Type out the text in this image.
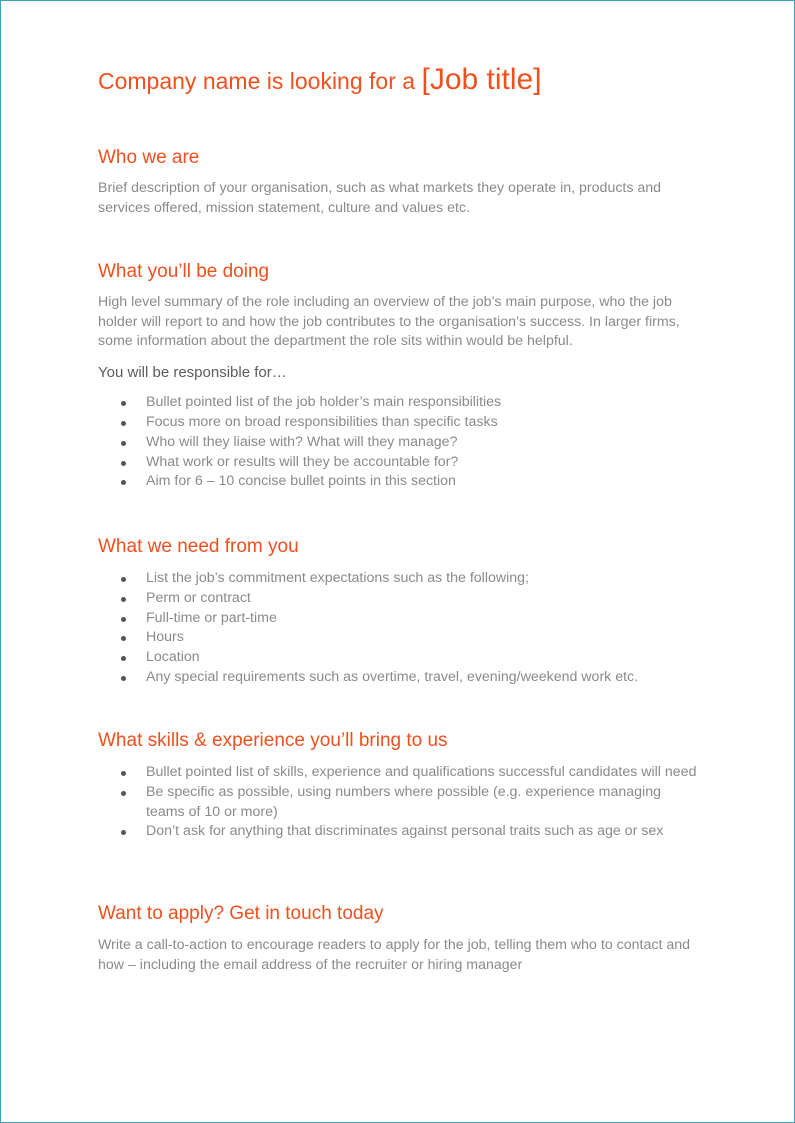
Company name is looking for a [Job title]
Who we are

Brief description of your organisation, such as what markets they operate in, products and services offered, mission statement, culture and values etc.

What you’ll be doing

High level summary of the role including an overview of the job’s main purpose, who the job holder will report to and how the job contributes to the organisation’s success. In larger firms, some information about the department the role sits within would be helpful.

You will be responsible for…

Bullet pointed list of the job holder’s main responsibilities
Focus more on broad responsibilities than specific tasks
Who will they liaise with? What will they manage?
What work or results will they be accountable for?
Aim for 6 – 10 concise bullet points in this section
What we need from you
List the job’s commitment expectations such as the following;
Perm or contract
Full-time or part-time
Hours
Location
Any special requirements such as overtime, travel, evening/weekend work etc.
What skills & experience you’ll bring to us
Bullet pointed list of skills, experience and qualifications successful candidates will need
Be specific as possible, using numbers where possible (e.g. experience managing teams of 10 or more)
Don’t ask for anything that discriminates against personal traits such as age or sex
Want to apply? Get in touch today

Write a call-to-action to encourage readers to apply for the job, telling them who to contact and how – including the email address of the recruiter or hiring manager
